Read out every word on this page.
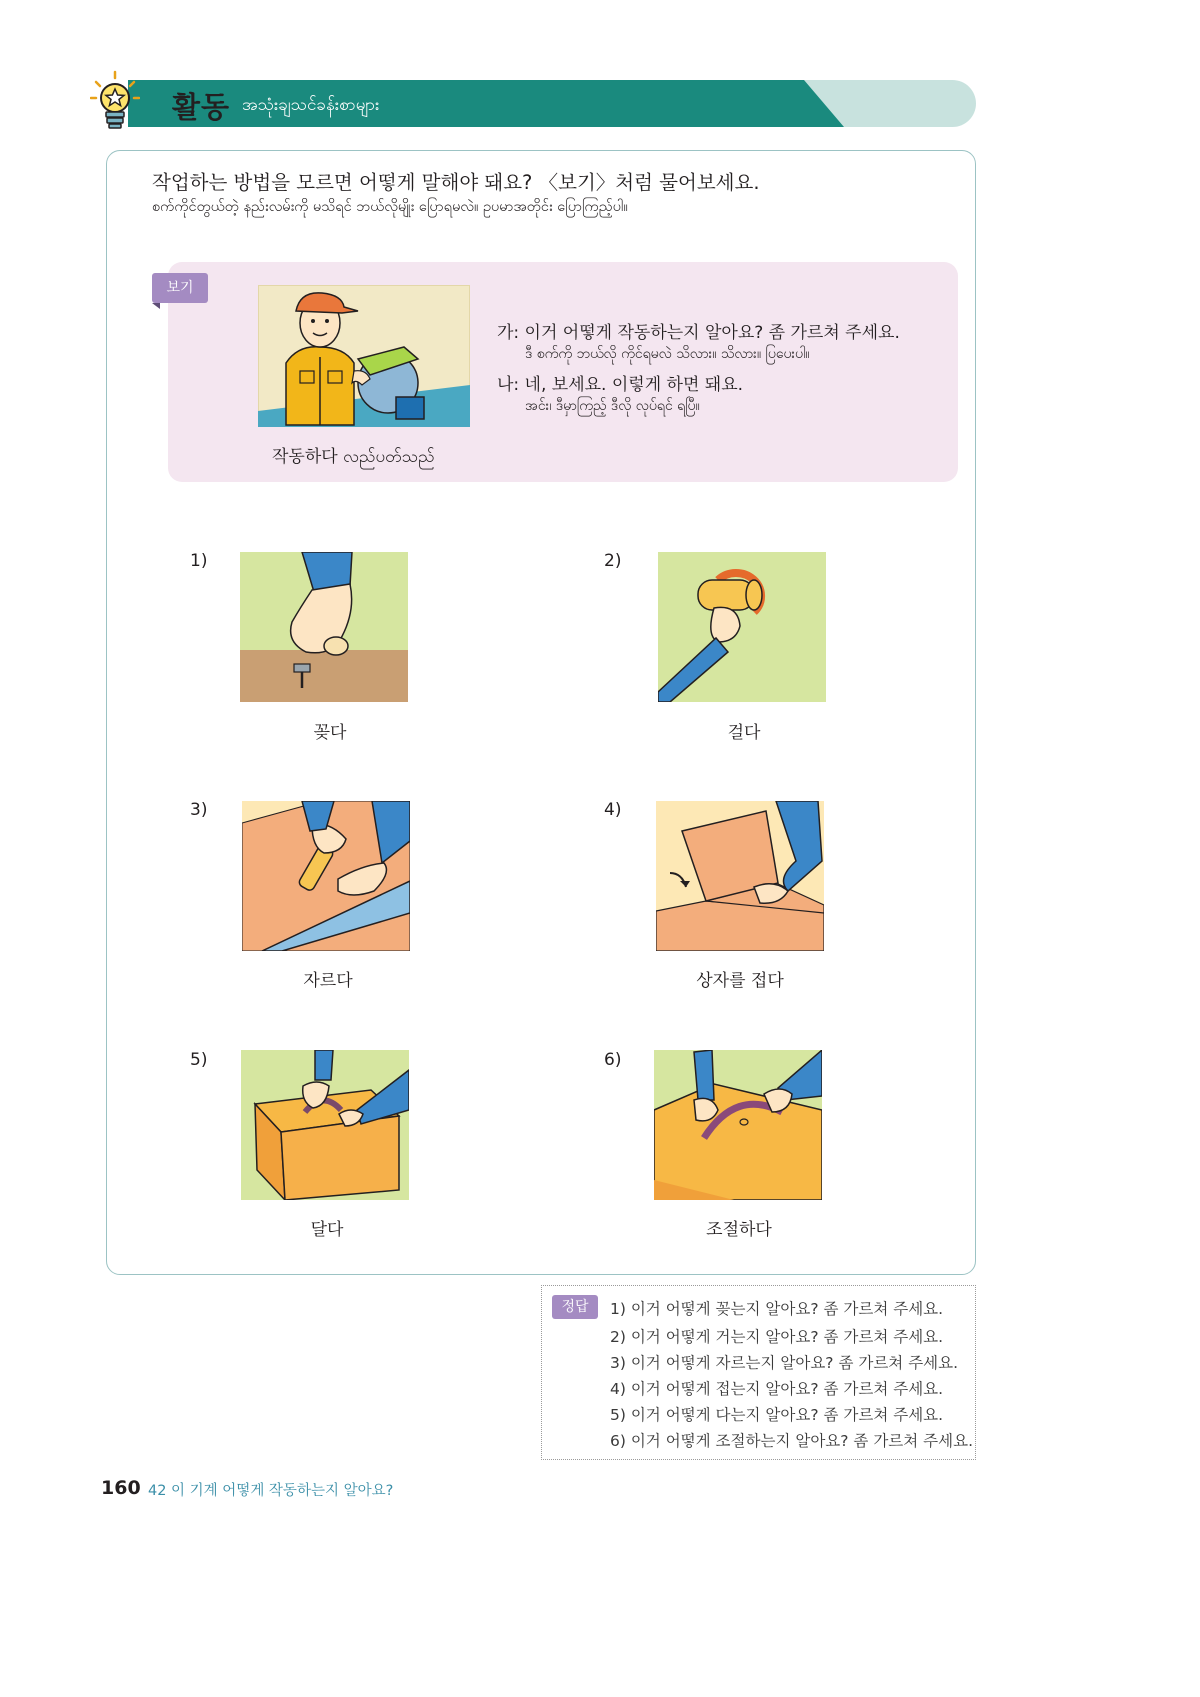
활동 အသုံးချသင်ခန်းစာများ
작업하는 방법을 모르면 어떻게 말해야 돼요? 〈보기〉처럼 물어보세요.
စက်ကိုင်တွယ်တဲ့ နည်းလမ်းကို မသိရင် ဘယ်လိုမျိုး ပြောရမလဲ။ ဥပမာအတိုင်း ပြောကြည့်ပါ။
보기
작동하다 လည်ပတ်သည်
가: 이거 어떻게 작동하는지 알아요? 좀 가르쳐 주세요.
ဒီ စက်ကို ဘယ်လို ကိုင်ရမလဲ သိလား။ သိလား။ ပြပေးပါ။
나: 네, 보세요. 이렇게 하면 돼요.
အင်း၊ ဒီမှာကြည့် ဒီလို လုပ်ရင် ရပြီ။
1)
꽂다
2)
걸다
3)
자르다
4)
상자를 접다
5)
달다
6)
조절하다
정답	1) 이거 어떻게 꽂는지 알아요? 좀 가르쳐 주세요.
2) 이거 어떻게 거는지 알아요? 좀 가르쳐 주세요.
3) 이거 어떻게 자르는지 알아요? 좀 가르쳐 주세요.
4) 이거 어떻게 접는지 알아요? 좀 가르쳐 주세요.
5) 이거 어떻게 다는지 알아요? 좀 가르쳐 주세요.
6) 이거 어떻게 조절하는지 알아요? 좀 가르쳐 주세요.
160 42 이 기계 어떻게 작동하는지 알아요?
